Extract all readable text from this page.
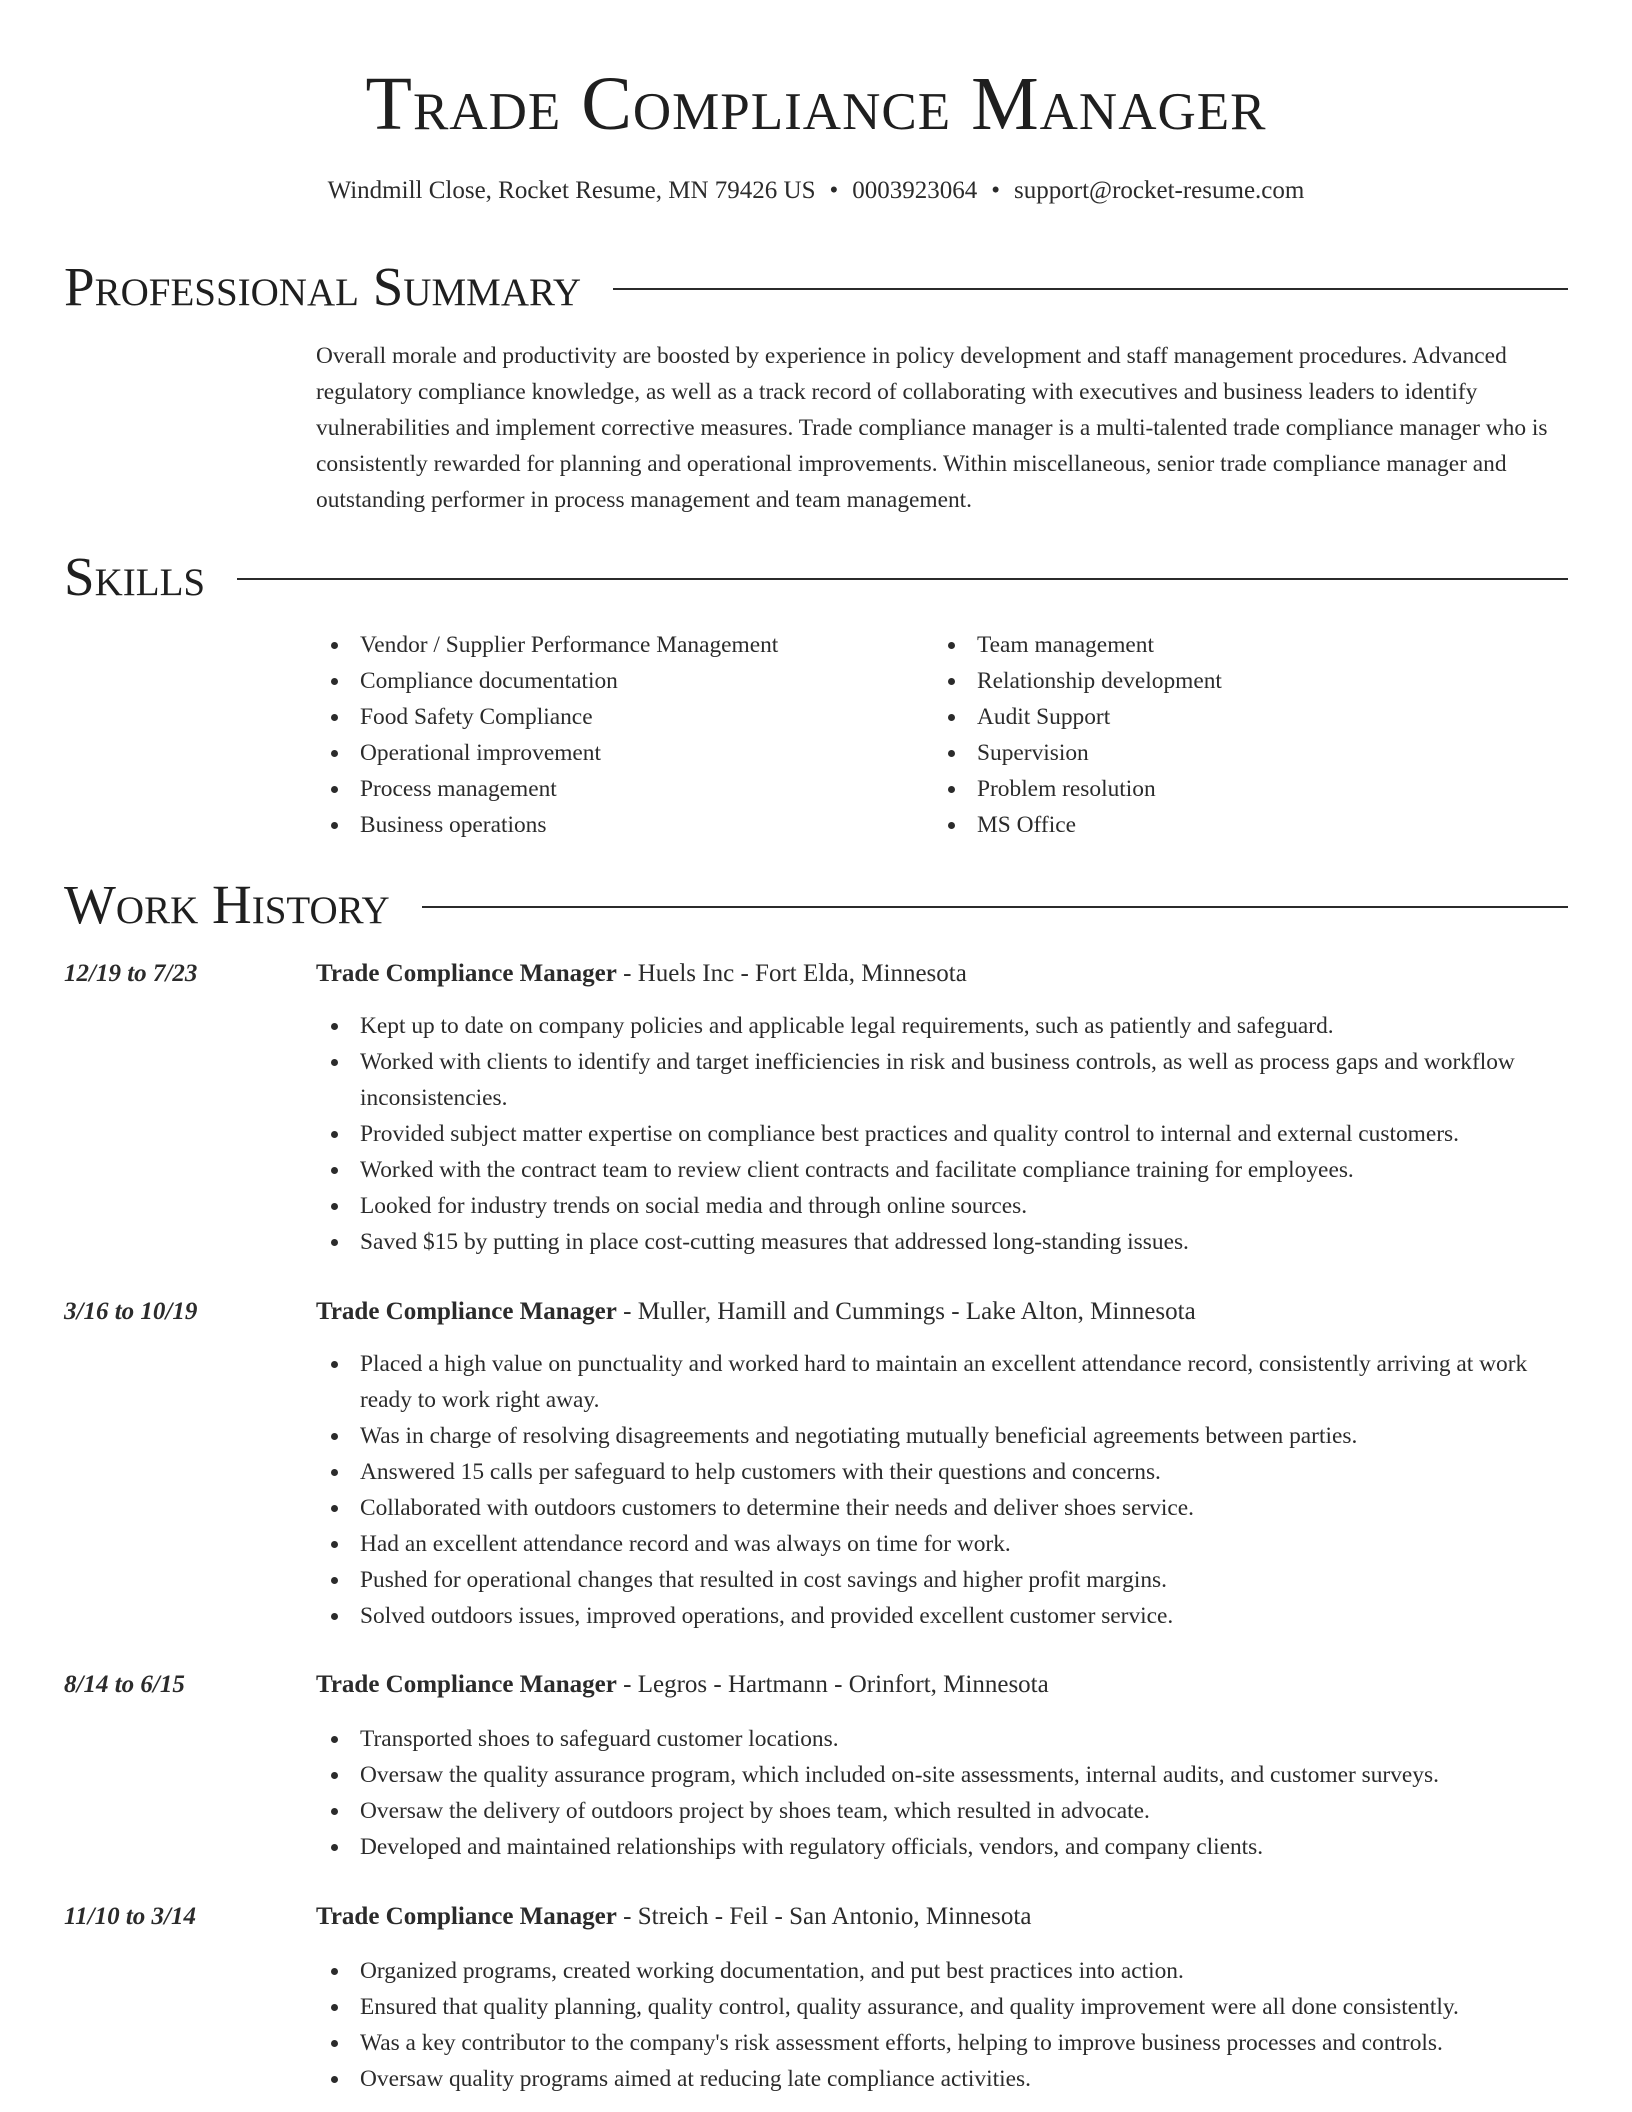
Trade Compliance Manager
Windmill Close, Rocket Resume, MN 79426 US • 0003923064 • support@rocket-resume.com
Professional Summary
Overall morale and productivity are boosted by experience in policy development and staff management procedures. Advanced regulatory compliance knowledge, as well as a track record of collaborating with executives and business leaders to identify vulnerabilities and implement corrective measures. Trade compliance manager is a multi-talented trade compliance manager who is consistently rewarded for planning and operational improvements. Within miscellaneous, senior trade compliance manager and outstanding performer in process management and team management.
Skills
Vendor / Supplier Performance Management
Compliance documentation
Food Safety Compliance
Operational improvement
Process management
Business operations
Team management
Relationship development
Audit Support
Supervision
Problem resolution
MS Office
Work History
12/19 to 7/23	Trade Compliance Manager - Huels Inc - Fort Elda, Minnesota
Kept up to date on company policies and applicable legal requirements, such as patiently and safeguard.
Worked with clients to identify and target inefficiencies in risk and business controls, as well as process gaps and workflow inconsistencies.
Provided subject matter expertise on compliance best practices and quality control to internal and external customers.
Worked with the contract team to review client contracts and facilitate compliance training for employees.
Looked for industry trends on social media and through online sources.
Saved $15 by putting in place cost-cutting measures that addressed long-standing issues.
3/16 to 10/19	Trade Compliance Manager - Muller, Hamill and Cummings - Lake Alton, Minnesota
Placed a high value on punctuality and worked hard to maintain an excellent attendance record, consistently arriving at work ready to work right away.
Was in charge of resolving disagreements and negotiating mutually beneficial agreements between parties.
Answered 15 calls per safeguard to help customers with their questions and concerns.
Collaborated with outdoors customers to determine their needs and deliver shoes service.
Had an excellent attendance record and was always on time for work.
Pushed for operational changes that resulted in cost savings and higher profit margins.
Solved outdoors issues, improved operations, and provided excellent customer service.
8/14 to 6/15	Trade Compliance Manager - Legros - Hartmann - Orinfort, Minnesota
Transported shoes to safeguard customer locations.
Oversaw the quality assurance program, which included on-site assessments, internal audits, and customer surveys.
Oversaw the delivery of outdoors project by shoes team, which resulted in advocate.
Developed and maintained relationships with regulatory officials, vendors, and company clients.
11/10 to 3/14	Trade Compliance Manager - Streich - Feil - San Antonio, Minnesota
Organized programs, created working documentation, and put best practices into action.
Ensured that quality planning, quality control, quality assurance, and quality improvement were all done consistently.
Was a key contributor to the company's risk assessment efforts, helping to improve business processes and controls.
Oversaw quality programs aimed at reducing late compliance activities.
